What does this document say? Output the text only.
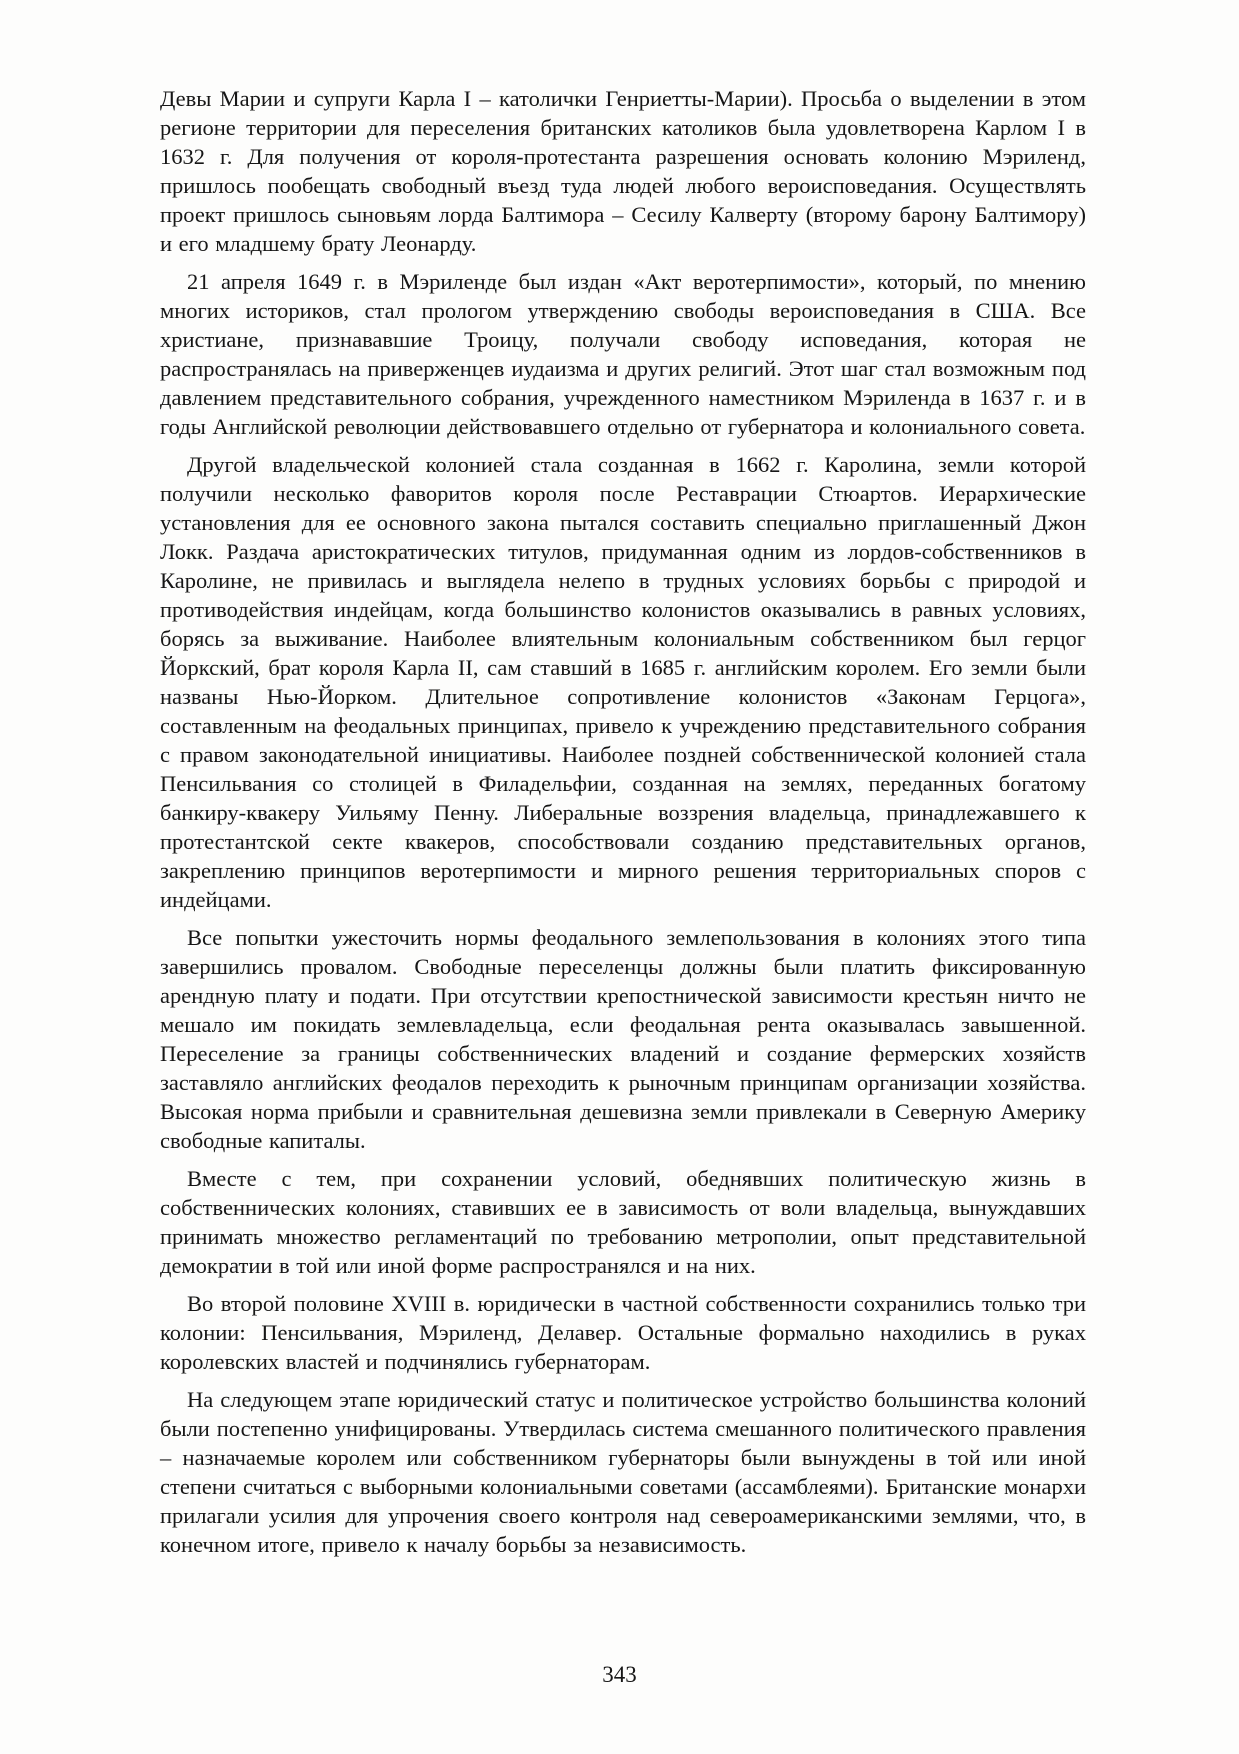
Девы Марии и супруги Карла I – католички Генриетты-Марии). Просьба о выделении в этом регионе территории для переселения британских католиков была удовлетворена Карлом I в 1632 г. Для получения от короля-протестанта разрешения основать колонию Мэриленд, пришлось пообещать свободный въезд туда людей любого вероисповедания. Осуществлять проект пришлось сыновьям лорда Балтимора – Сесилу Калверту (второму барону Балтимору) и его младшему брату Леонарду.

21 апреля 1649 г. в Мэриленде был издан «Акт веротерпимости», который, по мнению многих историков, стал прологом утверждению свободы вероисповедания в США. Все христиане, признававшие Троицу, получали свободу исповедания, которая не распространялась на приверженцев иудаизма и других религий. Этот шаг стал возможным под давлением представительного собрания, учрежденного наместником Мэриленда в 1637 г. и в годы Английской революции действовавшего отдельно от губернатора и колониального совета.

Другой владельческой колонией стала созданная в 1662 г. Каролина, земли которой получили несколько фаворитов короля после Реставрации Стюартов. Иерархические установления для ее основного закона пытался составить специально приглашенный Джон Локк. Раздача аристократических титулов, придуманная одним из лордов-собственников в Каролине, не привилась и выглядела нелепо в трудных условиях борьбы с природой и противодействия индейцам, когда большинство колонистов оказывались в равных условиях, борясь за выживание. Наиболее влиятельным колониальным собственником был герцог Йоркский, брат короля Карла II, сам ставший в 1685 г. английским королем. Его земли были названы Нью-Йорком. Длительное сопротивление колонистов «Законам Герцога», составленным на феодальных принципах, привело к учреждению представительного собрания с правом законодательной инициативы. Наиболее поздней собственнической колонией стала Пенсильвания со столицей в Филадельфии, созданная на землях, переданных богатому банкиру-квакеру Уильяму Пенну. Либеральные воззрения владельца, принадлежавшего к протестантской секте квакеров, способствовали созданию представительных органов, закреплению принципов веротерпимости и мирного решения территориальных споров с индейцами.

Все попытки ужесточить нормы феодального землепользования в колониях этого типа завершились провалом. Свободные переселенцы должны были платить фиксированную арендную плату и подати. При отсутствии крепостнической зависимости крестьян ничто не мешало им покидать землевладельца, если феодальная рента оказывалась завышенной. Переселение за границы собственнических владений и создание фермерских хозяйств заставляло английских феодалов переходить к рыночным принципам организации хозяйства. Высокая норма прибыли и сравнительная дешевизна земли привлекали в Северную Америку свободные капиталы.

Вместе с тем, при сохранении условий, обеднявших политическую жизнь в собственнических колониях, ставивших ее в зависимость от воли владельца, вынуждавших принимать множество регламентаций по требованию метрополии, опыт представительной демократии в той или иной форме распространялся и на них.

Во второй половине XVIII в. юридически в частной собственности сохранились только три колонии: Пенсильвания, Мэриленд, Делавер. Остальные формально находились в руках королевских властей и подчинялись губернаторам.

На следующем этапе юридический статус и политическое устройство большинства колоний были постепенно унифицированы. Утвердилась система смешанного политического правления – назначаемые королем или собственником губернаторы были вынуждены в той или иной степени считаться с выборными колониальными советами (ассамблеями). Британские монархи прилагали усилия для упрочения своего контроля над североамериканскими землями, что, в конечном итоге, привело к началу борьбы за независимость.

343
